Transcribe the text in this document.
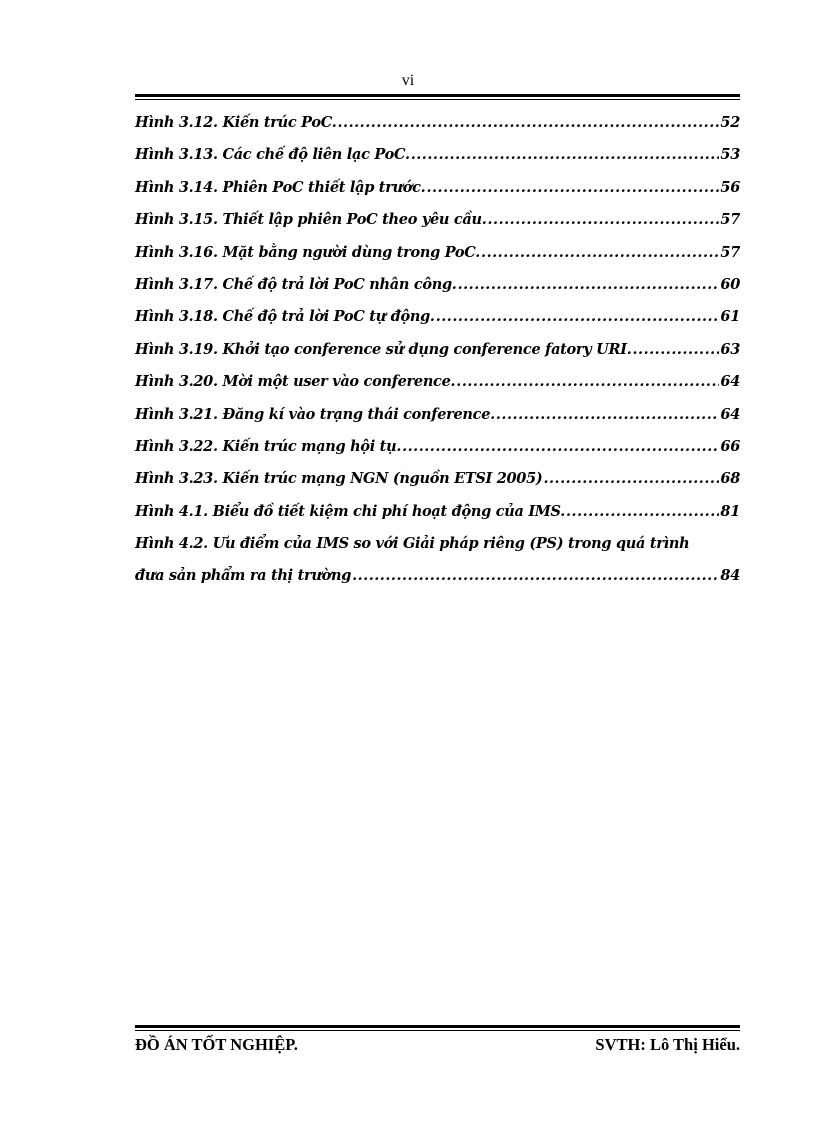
vi
Hình 3.12. Kiến trúc PoC. .....	52
Hình 3.13. Các chế độ liên lạc PoC. .....	53
Hình 3.14. Phiên PoC thiết lập trước. .....	56
Hình 3.15. Thiết lập phiên PoC theo yêu cầu. .....	57
Hình 3.16. Mặt bằng người dùng trong PoC. .....	57
Hình 3.17. Chế độ trả lời PoC nhân công. .....	60
Hình 3.18. Chế độ trả lời PoC tự động. .....	61
Hình 3.19. Khởi tạo conference sử dụng conference fatory URI. .....	63
Hình 3.20. Mời một user vào conference. .....	64
Hình 3.21. Đăng kí vào trạng thái conference. .....	64
Hình 3.22. Kiến trúc mạng hội tụ. .....	66
Hình 3.23. Kiến trúc mạng NGN (nguồn ETSI 2005) .....	68
Hình 4.1. Biểu đồ tiết kiệm chi phí hoạt động của IMS. .....	81
Hình 4.2. Ưu điểm của IMS so với Giải pháp riêng (PS) trong quá trình
đưa sản phẩm ra thị trường .....	84
ĐỒ ÁN TỐT NGHIỆP.	SVTH: Lô Thị Hiểu.
